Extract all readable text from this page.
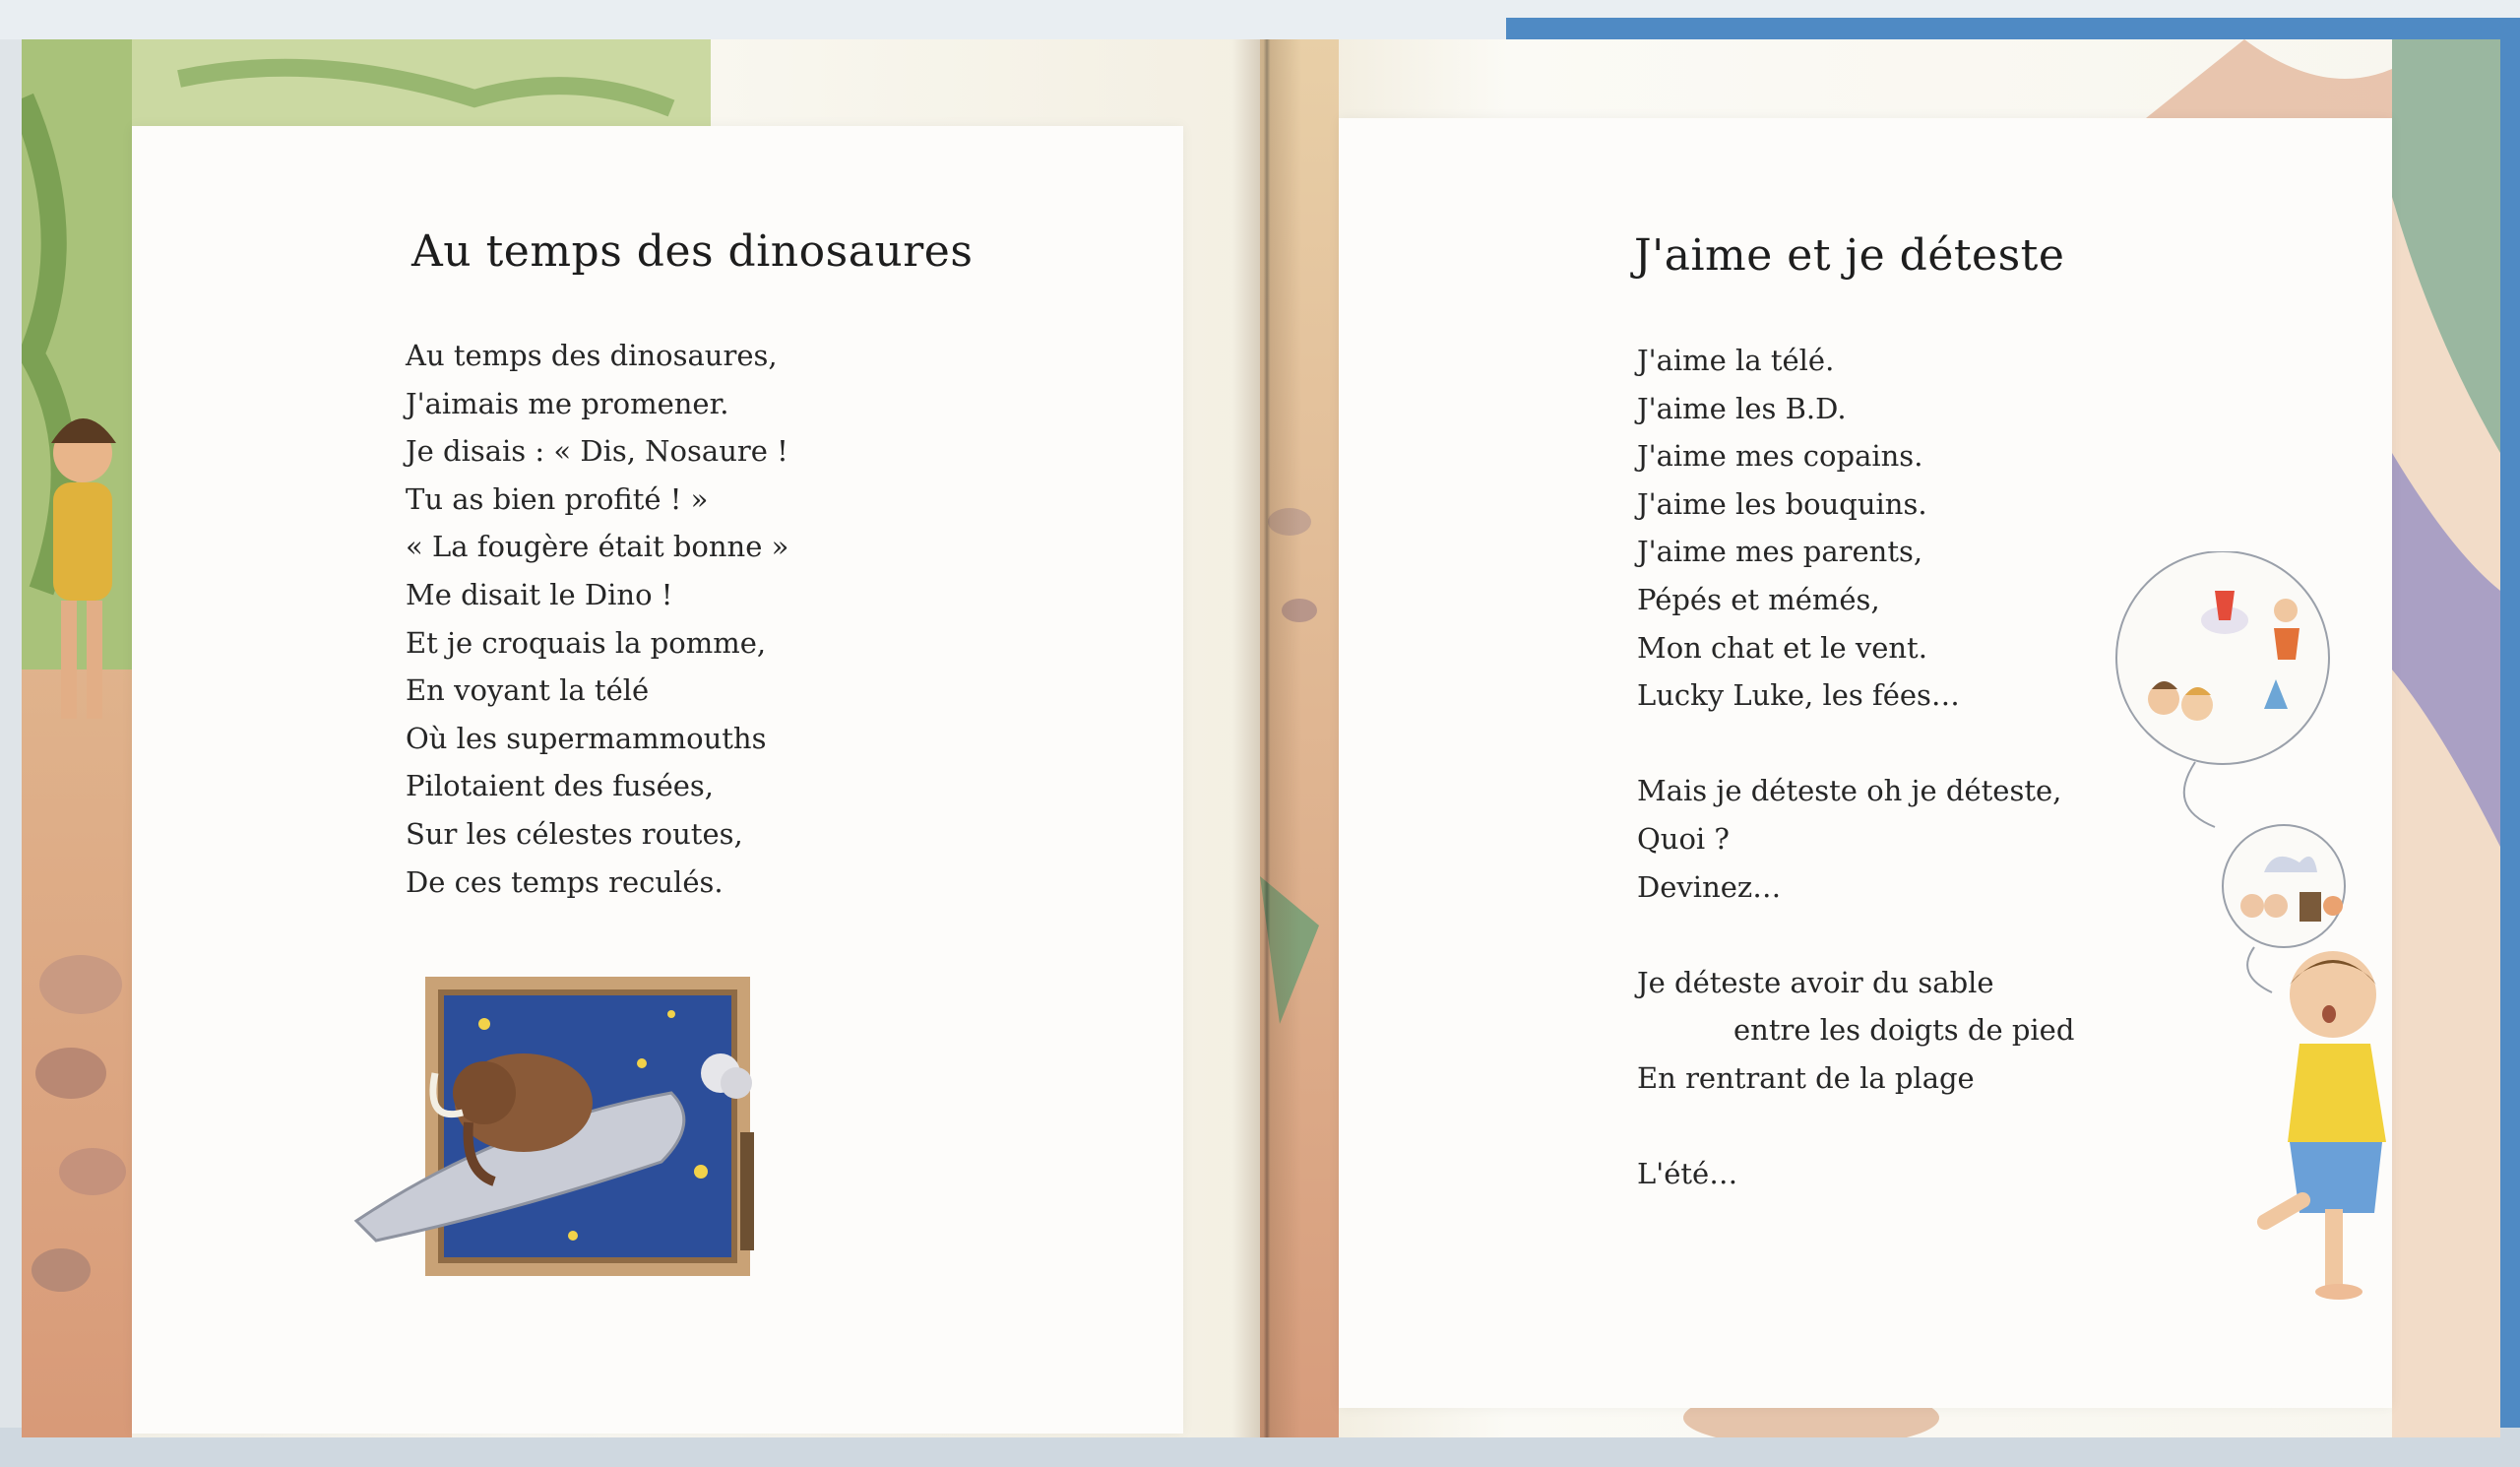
Au temps des dinosaures
Au temps des dinosaures,
J'aimais me promener.
Je disais : « Dis, Nosaure !
Tu as bien profité ! »
« La fougère était bonne »
Me disait le Dino !
Et je croquais la pomme,
En voyant la télé
Où les supermammouths
Pilotaient des fusées,
Sur les célestes routes,
De ces temps reculés.
J'aime et je déteste
J'aime la télé.
J'aime les B.D.
J'aime mes copains.
J'aime les bouquins.
J'aime mes parents,
Pépés et mémés,
Mon chat et le vent.
Lucky Luke, les fées…
Mais je déteste oh je déteste,
Quoi ?
Devinez…
Je déteste avoir du sable
entre les doigts de pied
En rentrant de la plage
L'été…
